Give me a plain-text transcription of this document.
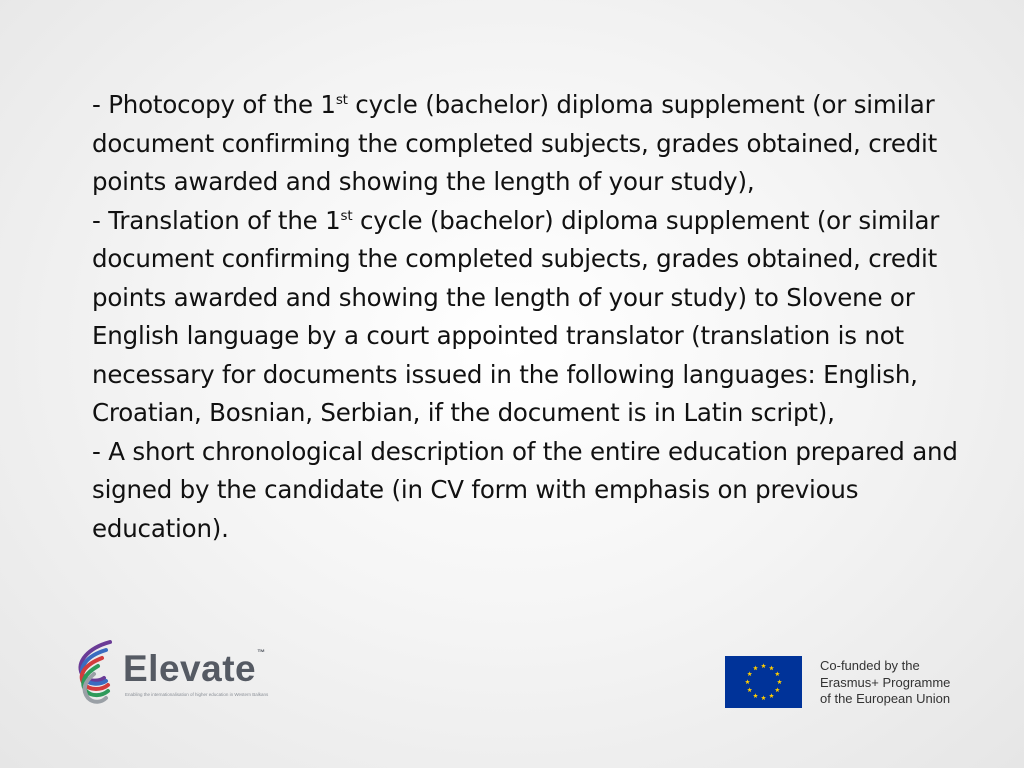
- Photocopy of the 1st cycle (bachelor) diploma supplement (or similar document confirming the completed subjects, grades obtained, credit points awarded and showing the length of your study),

- Translation of the 1st cycle (bachelor) diploma supplement (or similar document confirming the completed subjects, grades obtained, credit points awarded and showing the length of your study) to Slovene or English language by a court appointed translator (translation is not necessary for documents issued in the following languages: English, Croatian, Bosnian, Serbian, if the document is in Latin script),

- A short chronological description of the entire education prepared and signed by the candidate (in CV form with emphasis on previous education).

Elevate™
Enabling the internationalisation of higher education in Western Balkans
Co-funded by the
Erasmus+ Programme
of the European Union
